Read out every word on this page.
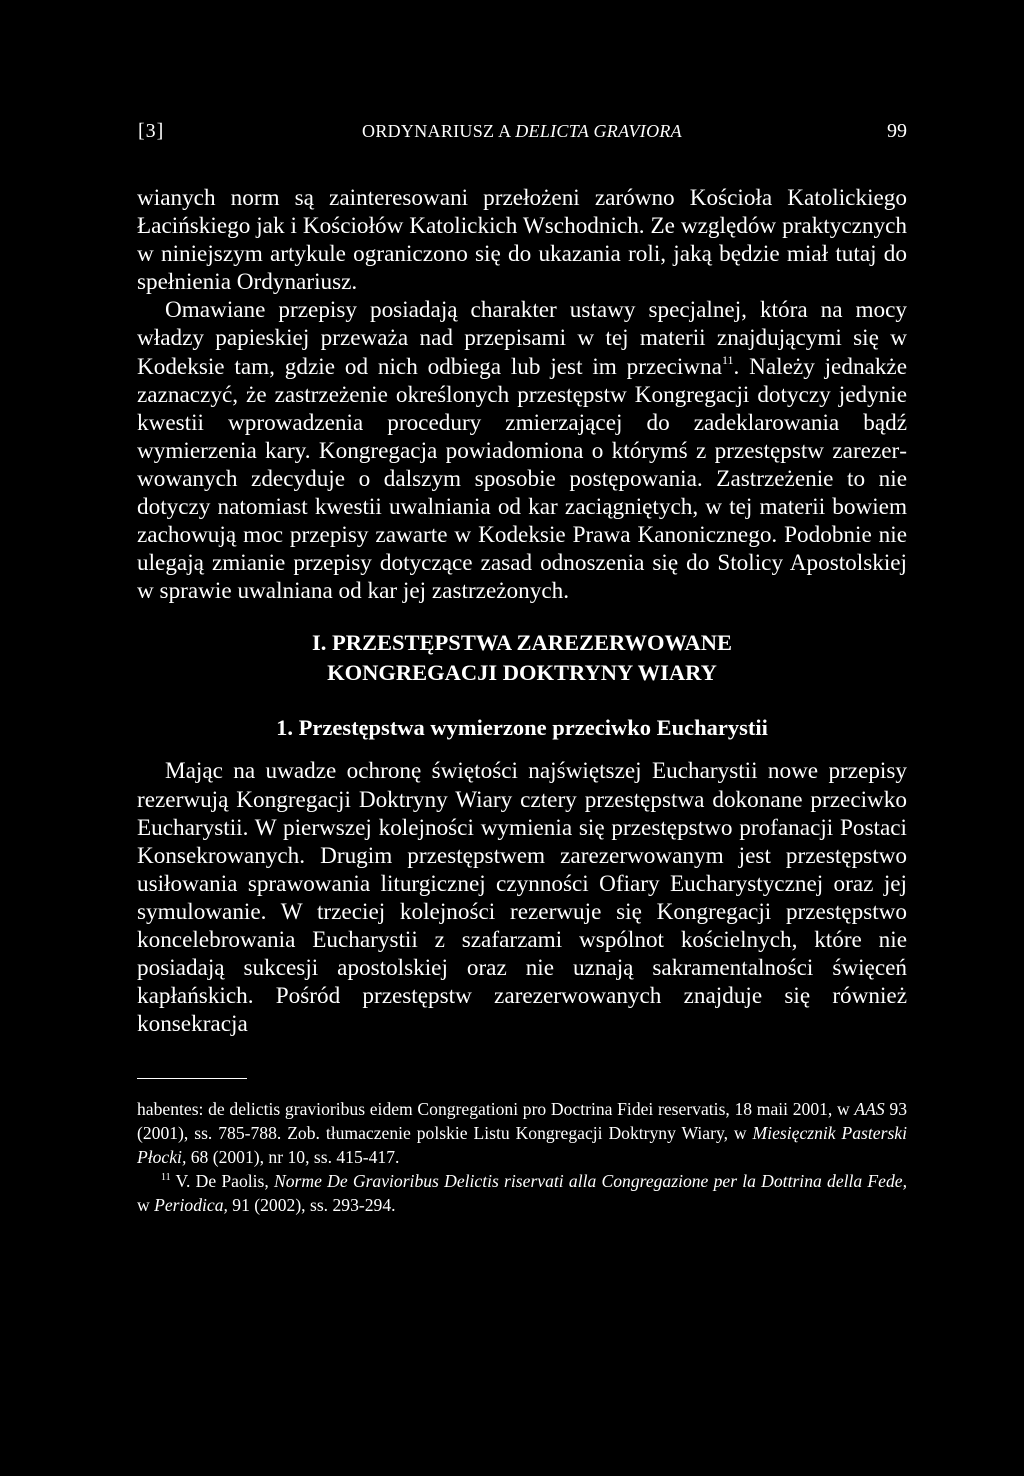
[3]	ORDYNARIUSZ A DELICTA GRAVIORA	99

wianych norm są zainteresowani przełożeni zarówno Kościoła Katolickiego Łacińskiego jak i Kościołów Katolickich Wschodnich. Ze względów praktycznych w niniejszym artykule ograniczono się do ukazania roli, jaką będzie miał tutaj do spełnienia Ordynariusz.

Omawiane przepisy posiadają charakter ustawy specjalnej, która na mocy władzy papieskiej przeważa nad przepisami w tej materii znajdującymi się w Kodeksie tam, gdzie od nich odbiega lub jest im przeciwna$^{11}$. Należy jednakże zaznaczyć, że zastrzeżenie określonych przestępstw Kongregacji dotyczy jedynie kwestii wprowadzenia procedury zmierzającej do zadeklarowania bądź wymierzenia kary. Kongregacja powiadomiona o którymś z przestępstw zarezerwowanych zdecyduje o dalszym sposobie postępowania. Zastrzeżenie to nie dotyczy natomiast kwestii uwalniania od kar zaciągniętych, w tej materii bowiem zachowują moc przepisy zawarte w Kodeksie Prawa Kanonicznego. Podobnie nie ulegają zmianie przepisy dotyczące zasad odnoszenia się do Stolicy Apostolskiej w sprawie uwalniana od kar jej zastrzeżonych.

I. PRZESTĘPSTWA ZAREZERWOWANE
KONGREGACJI DOKTRYNY WIARY
1. Przestępstwa wymierzone przeciwko Eucharystii

Mając na uwadze ochronę świętości najświętszej Eucharystii nowe przepisy rezerwują Kongregacji Doktryny Wiary cztery przestępstwa dokonane przeciwko Eucharystii. W pierwszej kolejności wymienia się przestępstwo profanacji Postaci Konsekrowanych. Drugim przestępstwem zarezerwowanym jest przestępstwo usiłowania sprawowania liturgicznej czynności Ofiary Eucharystycznej oraz jej symulowanie. W trzeciej kolejności rezerwuje się Kongregacji przestępstwo koncelebrowania Eucharystii z szafarzami wspólnot kościelnych, które nie posiadają sukcesji apostolskiej oraz nie uznają sakramentalności święceń kapłańskich. Pośród przestępstw zarezerwowanych znajduje się również konsekracja

habentes: de delictis gravioribus eidem Congregationi pro Doctrina Fidei reservatis, 18 maii 2001, w AAS 93 (2001), ss. 785-788. Zob. tłumaczenie polskie Listu Kongregacji Doktryny Wiary, w Miesięcznik Pasterski Płocki, 68 (2001), nr 10, ss. 415-417.

$^{11}$ V. De Paolis, Norme De Gravioribus Delictis riservati alla Congregazione per la Dottrina della Fede, w Periodica, 91 (2002), ss. 293-294.
